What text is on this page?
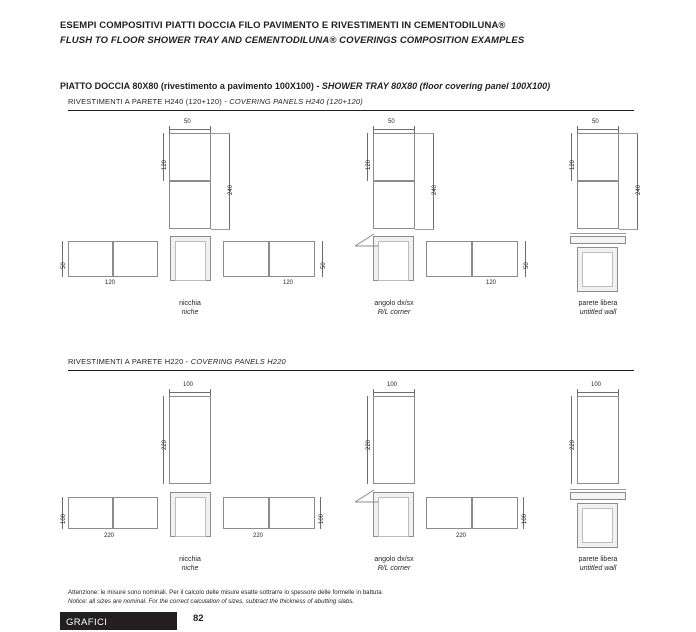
ESEMPI COMPOSITIVI PIATTI DOCCIA FILO PAVIMENTO E RIVESTIMENTI IN CEMENTODILUNA®
FLUSH TO FLOOR SHOWER TRAY AND CEMENTODILUNA® COVERINGS COMPOSITION EXAMPLES
PIATTO DOCCIA 80X80 (rivestimento a pavimento 100X100) - SHOWER TRAY 80X80 (floor covering panel 100X100)
RIVESTIMENTI A PARETE H240 (120+120) - COVERING PANELS H240 (120+120)
50
120
240
50
120	120
50
nicchia
niche
50
120
240
120
50
angolo dx/sx
R/L corner
50
120
240
parete libera
untitled wall
RIVESTIMENTI A PARETE H220 - COVERING PANELS H220
100
220
100
220	220
100
nicchia
niche
100
220
220
100
angolo dx/sx
R/L corner
100
220
parete libera
untitled wall
Attenzione: le misure sono nominali. Per il calcolo delle misure esatte sottrarre lo spessore delle formelle in battuta
Notice: all sizes are nominal. For the correct calculation of sizes, subtract the thickness of abutting slabs.
GRAFICI	82
